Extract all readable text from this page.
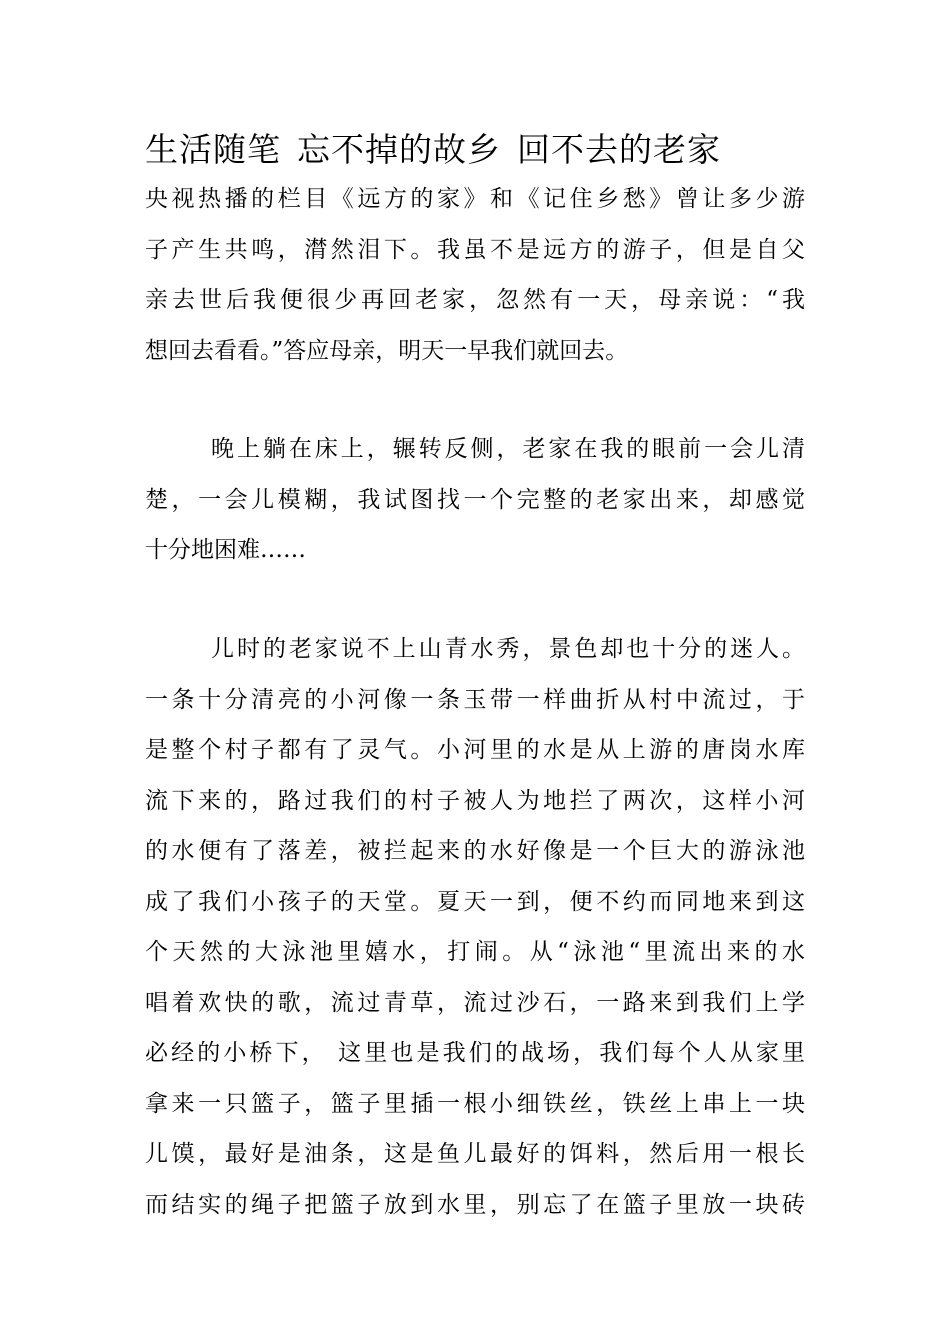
生活随笔 忘不掉的故乡 回不去的老家
央视热播的栏目《远方的家》和《记住乡愁》曾让多少游
子产生共鸣，潸然泪下。我虽不是远方的游子，但是自父
亲去世后我便很少再回老家，忽然有一天，母亲说：“我
想回去看看。”答应母亲，明天一早我们就回去。
晚上躺在床上，辗转反侧，老家在我的眼前一会儿清
楚，一会儿模糊，我试图找一个完整的老家出来，却感觉
十分地困难……
儿时的老家说不上山青水秀，景色却也十分的迷人。
一条十分清亮的小河像一条玉带一样曲折从村中流过，于
是整个村子都有了灵气。小河里的水是从上游的唐岗水库
流下来的，路过我们的村子被人为地拦了两次，这样小河
的水便有了落差，被拦起来的水好像是一个巨大的游泳池
成了我们小孩子的天堂。夏天一到，便不约而同地来到这
个天然的大泳池里嬉水，打闹。从“泳池“里流出来的水
唱着欢快的歌，流过青草，流过沙石，一路来到我们上学
必经的小桥下， 这里也是我们的战场，我们每个人从家里
拿来一只篮子，篮子里插一根小细铁丝，铁丝上串上一块
儿馍，最好是油条，这是鱼儿最好的饵料，然后用一根长
而结实的绳子把篮子放到水里，别忘了在篮子里放一块砖
